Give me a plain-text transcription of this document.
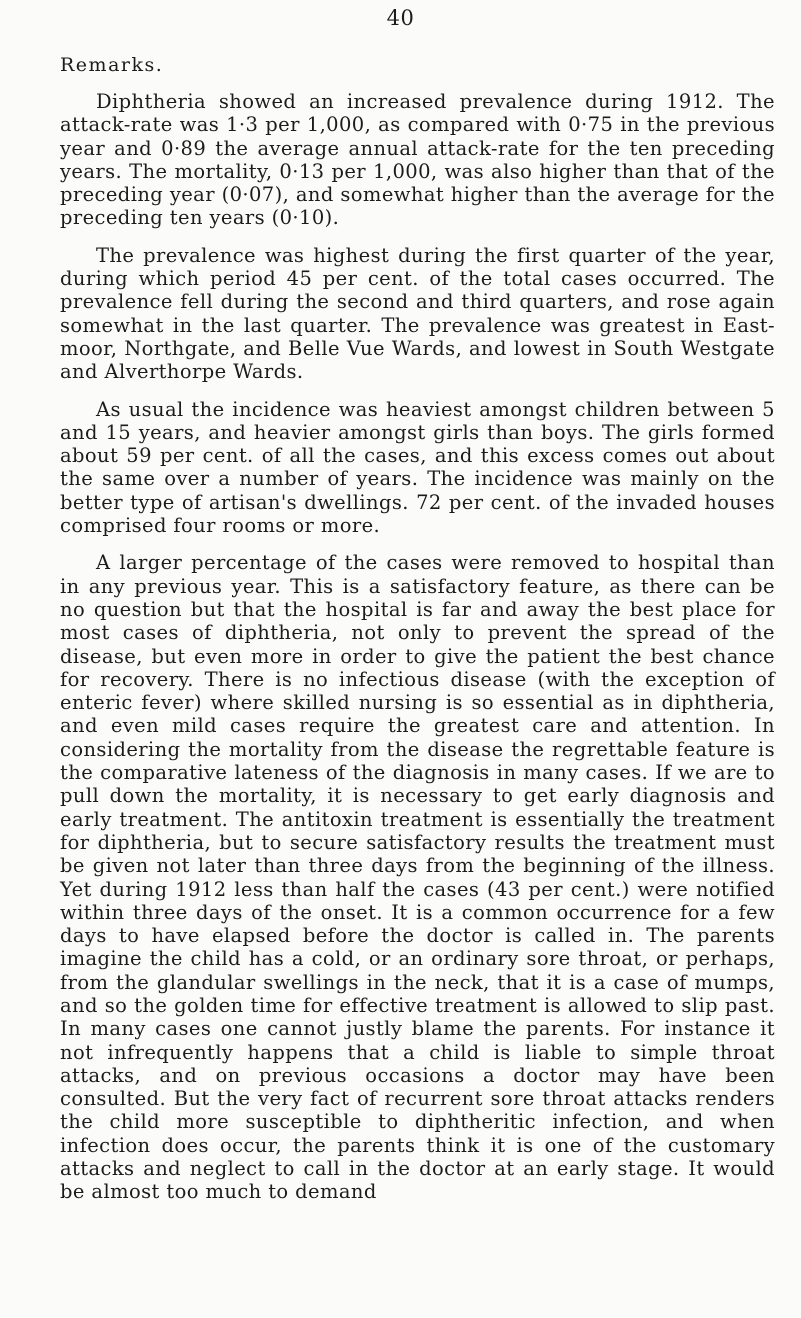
40
Remarks.

Diphtheria showed an increased prevalence during 1912. The attack-rate was 1·3 per 1,000, as compared with 0·75 in the previous year and 0·89 the average annual attack-rate for the ten preceding years. The mortality, 0·13 per 1,000, was also higher than that of the preceding year (0·07), and somewhat higher than the average for the preceding ten years (0·10).

The prevalence was highest during the first quarter of the year, during which period 45 per cent. of the total cases occurred. The prevalence fell during the second and third quarters, and rose again somewhat in the last quarter. The prevalence was greatest in East-moor, Northgate, and Belle Vue Wards, and lowest in South Westgate and Alverthorpe Wards.

As usual the incidence was heaviest amongst children between 5 and 15 years, and heavier amongst girls than boys. The girls formed about 59 per cent. of all the cases, and this excess comes out about the same over a number of years. The incidence was mainly on the better type of artisan's dwellings. 72 per cent. of the invaded houses comprised four rooms or more.

A larger percentage of the cases were removed to hospital than in any previous year. This is a satisfactory feature, as there can be no question but that the hospital is far and away the best place for most cases of diphtheria, not only to prevent the spread of the disease, but even more in order to give the patient the best chance for recovery. There is no infectious disease (with the exception of enteric fever) where skilled nursing is so essential as in diphtheria, and even mild cases require the greatest care and attention. In considering the mortality from the disease the regrettable feature is the comparative lateness of the diagnosis in many cases. If we are to pull down the mortality, it is necessary to get early diagnosis and early treatment. The antitoxin treatment is essentially the treatment for diphtheria, but to secure satisfactory results the treatment must be given not later than three days from the beginning of the illness. Yet during 1912 less than half the cases (43 per cent.) were notified within three days of the onset. It is a common occurrence for a few days to have elapsed before the doctor is called in. The parents imagine the child has a cold, or an ordinary sore throat, or perhaps, from the glandular swellings in the neck, that it is a case of mumps, and so the golden time for effective treatment is allowed to slip past. In many cases one cannot justly blame the parents. For instance it not infrequently happens that a child is liable to simple throat attacks, and on previous occasions a doctor may have been consulted. But the very fact of recurrent sore throat attacks renders the child more susceptible to diphtheritic infection, and when infection does occur, the parents think it is one of the customary attacks and neglect to call in the doctor at an early stage. It would be almost too much to demand
